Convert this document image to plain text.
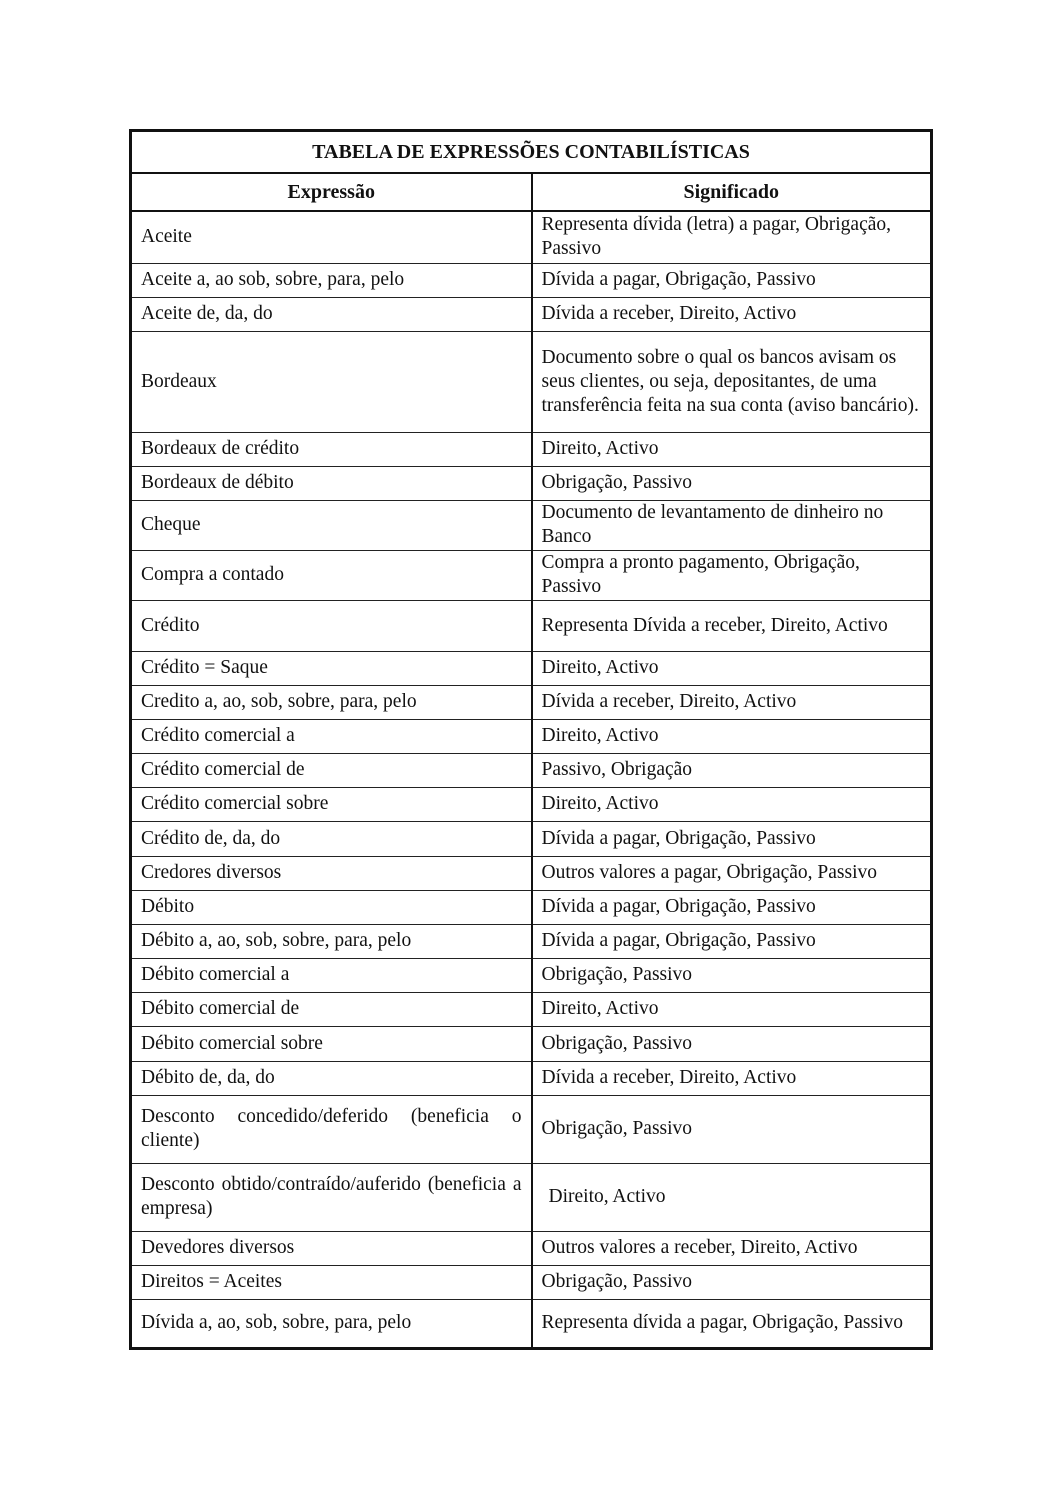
TABELA DE EXPRESSÕES CONTABILÍSTICAS	
Expressão	Significado
Aceite	Representa dívida (letra) a pagar, Obrigação, Passivo
Aceite a, ao sob, sobre, para, pelo	Dívida a pagar, Obrigação, Passivo
Aceite de, da, do	Dívida a receber, Direito, Activo
Bordeaux	Documento sobre o qual os bancos avisam os seus clientes, ou seja, depositantes, de uma transferência feita na sua conta (aviso bancário).
Bordeaux de crédito	Direito, Activo
Bordeaux de débito	Obrigação, Passivo
Cheque	Documento de levantamento de dinheiro no Banco
Compra a contado	Compra a pronto pagamento, Obrigação, Passivo
Crédito	Representa Dívida a receber, Direito, Activo
Crédito = Saque	Direito, Activo
Credito a, ao, sob, sobre, para, pelo	Dívida a receber, Direito, Activo
Crédito comercial a	Direito, Activo
Crédito comercial de	Passivo, Obrigação
Crédito comercial sobre	Direito, Activo
Crédito de, da, do	Dívida a pagar, Obrigação, Passivo
Credores diversos	Outros valores a pagar, Obrigação, Passivo
Débito	Dívida a pagar, Obrigação, Passivo
Débito a, ao, sob, sobre, para, pelo	Dívida a pagar, Obrigação, Passivo
Débito comercial a	Obrigação, Passivo
Débito comercial de	Direito, Activo
Débito comercial sobre	Obrigação, Passivo
Débito de, da, do	Dívida a receber, Direito, Activo
Desconto concedido/deferido (beneficia o cliente)	Obrigação, Passivo
Desconto obtido/contraído/auferido (beneficia a empresa)	Direito, Activo
Devedores diversos	Outros valores a receber, Direito, Activo
Direitos = Aceites	Obrigação, Passivo
Dívida a, ao, sob, sobre, para, pelo	Representa dívida a pagar, Obrigação, Passivo
